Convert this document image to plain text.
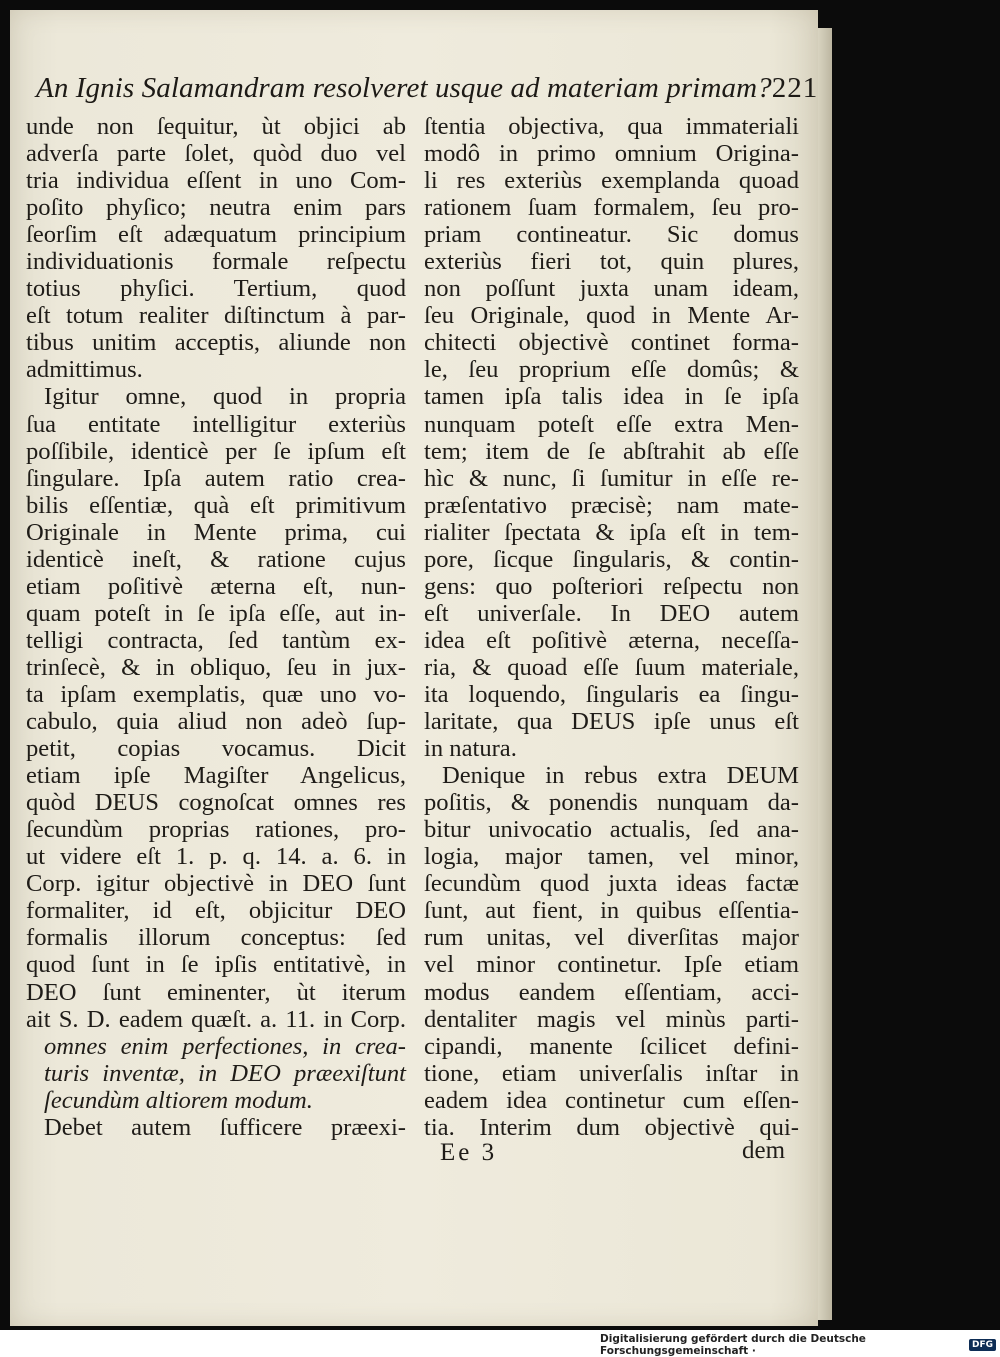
An Ignis Salamandram resolveret usque ad materiam primam? 221
unde non ſequitur, ùt objici ab
adverſa parte ſolet, quòd duo vel
tria individua eſſent in uno Com-
poſito phyſico; neutra enim pars
ſeorſim eſt adæquatum principium
individuationis formale reſpectu
totius phyſici. Tertium, quod
eſt totum realiter diſtinctum à par-
tibus unitim acceptis, aliunde non
admittimus.
Igitur omne, quod in propria
ſua entitate intelligitur exteriùs
poſſibile, identicè per ſe ipſum eſt
ſingulare. Ipſa autem ratio crea-
bilis eſſentiæ, quà eſt primitivum
Originale in Mente prima, cui
identicè ineſt, & ratione cujus
etiam poſitivè æterna eſt, nun-
quam poteſt in ſe ipſa eſſe, aut in-
telligi contracta, ſed tantùm ex-
trinſecè, & in obliquo, ſeu in jux-
ta ipſam exemplatis, quæ uno vo-
cabulo, quia aliud non adeò ſup-
petit, copias vocamus. Dicit
etiam ipſe Magiſter Angelicus,
quòd DEUS cognoſcat omnes res
ſecundùm proprias rationes, pro-
ut videre eſt 1. p. q. 14. a. 6. in
Corp. igitur objectivè in DEO ſunt
formaliter, id eſt, objicitur DEO
formalis illorum conceptus: ſed
quod ſunt in ſe ipſis entitativè, in
DEO ſunt eminenter, ùt iterum
ait S. D. eadem quæſt. a. 11. in Corp.
omnes enim perfectiones, in crea-
turis inventæ, in DEO præexiſtunt
ſecundùm altiorem modum.
Debet autem ſufficere præexi-
ſtentia objectiva, qua immateriali
modô in primo omnium Origina-
li res exteriùs exemplanda quoad
rationem ſuam formalem, ſeu pro-
priam contineatur. Sic domus
exteriùs fieri tot, quin plures,
non poſſunt juxta unam ideam,
ſeu Originale, quod in Mente Ar-
chitecti objectivè continet forma-
le, ſeu proprium eſſe domûs; &
tamen ipſa talis idea in ſe ipſa
nunquam poteſt eſſe extra Men-
tem; item de ſe abſtrahit ab eſſe
hìc & nunc, ſi ſumitur in eſſe re-
præſentativo præcisè; nam mate-
rialiter ſpectata & ipſa eſt in tem-
pore, ſicque ſingularis, & contin-
gens: quo poſteriori reſpectu non
eſt univerſale. In DEO autem
idea eſt poſitivè æterna, neceſſa-
ria, & quoad eſſe ſuum materiale,
ita loquendo, ſingularis ea ſingu-
laritate, qua DEUS ipſe unus eſt
in natura.
Denique in rebus extra DEUM
poſitis, & ponendis nunquam da-
bitur univocatio actualis, ſed ana-
logia, major tamen, vel minor,
ſecundùm quod juxta ideas factæ
ſunt, aut fient, in quibus eſſentia-
rum unitas, vel diverſitas major
vel minor continetur. Ipſe etiam
modus eandem eſſentiam, acci-
dentaliter magis vel minùs parti-
cipandi, manente ſcilicet defini-
tione, etiam univerſalis inſtar in
eadem idea continetur cum eſſen-
tia. Interim dum objectivè qui-
Ee 3	dem
Digitalisierung gefördert durch die Deutsche Forschungsgemeinschaft ·	DFG
